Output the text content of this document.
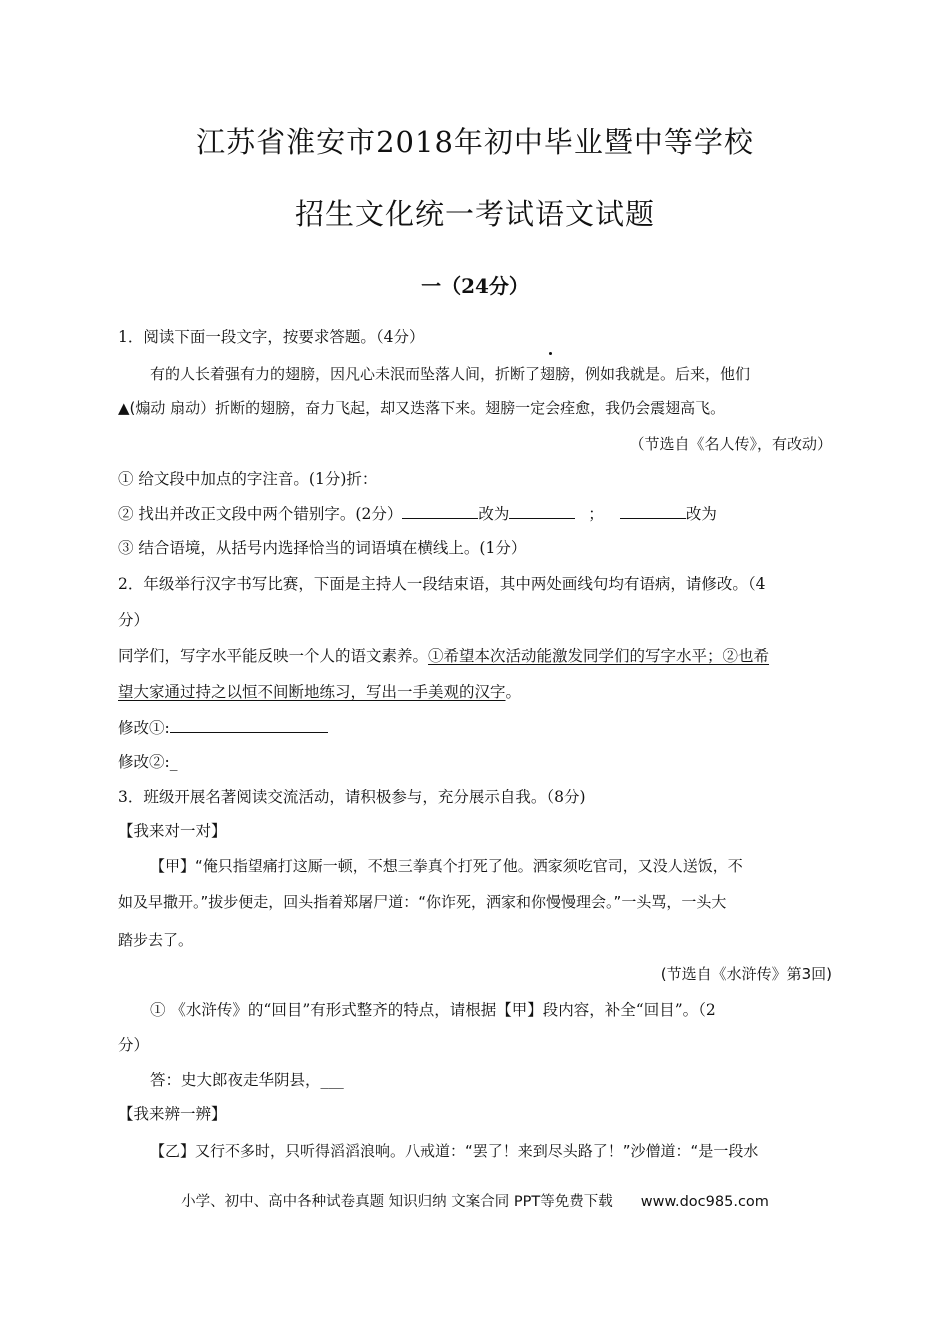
江苏省淮安市2018年初中毕业暨中等学校
招生文化统一考试语文试题
一（24分）
1．阅读下面一段文字，按要求答题。（4分）
有的人长着强有力的翅膀，因凡心未泯而坠落人间，折断了翅膀，例如我就是。后来，他们
▲(煽动 扇动）折断的翅膀，奋力飞起，却又迭落下来。翅膀一定会痊愈，我仍会震翅高飞。
（节选自《名人传》，有改动）
① 给文段中加点的字注音。(1分)折：
② 找出并改正文段中两个错别字。(2分）	改为	；	改为
③ 结合语境，从括号内选择恰当的词语填在横线上。(1分）
2．年级举行汉字书写比赛，下面是主持人一段结束语，其中两处画线句均有语病，请修改。（4
分）
同学们，写字水平能反映一个人的语文素养。①希望本次活动能激发同学们的写字水平；②也希
望大家通过持之以恒不间断地练习，写出一手美观的汉字。
修改①:
修改②:_
3．班级开展名著阅读交流活动，请积极参与，充分展示自我。（8分)
【我来对一对】
【甲】“俺只指望痛打这厮一顿，不想三拳真个打死了他。洒家须吃官司，又没人送饭，不
如及早撒开。”拔步便走，回头指着郑屠尸道：“你诈死，洒家和你慢慢理会。”一头骂，一头大
踏步去了。
(节选自《水浒传》第3回)
① 《水浒传》的“回目”有形式整齐的特点，请根据【甲】段内容，补全“回目”。（2
分）
答：史大郎夜走华阴县，___
【我来辨一辨】
【乙】又行不多时，只听得滔滔浪响。八戒道：“罢了！来到尽头路了！”沙僧道：“是一段水
小学、初中、高中各种试卷真题 知识归纳 文案合同 PPT等免费下载 www.doc985.com
